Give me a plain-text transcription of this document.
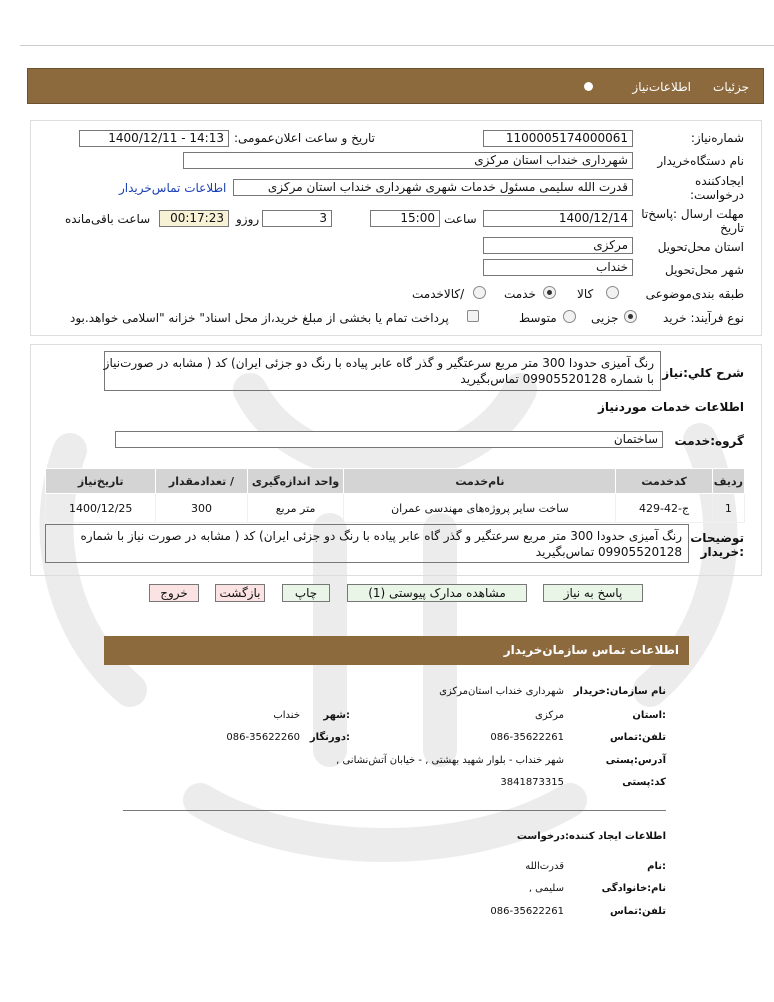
جزئیات
اطلاعات‌نیاز
شماره‌نیاز:
1100005174000061
تاریخ و ساعت اعلان‌عمومی:
1400/12/11 - 14:13
نام دستگاه‌خریدار
شهرداری خنداب استان مرکزی
ایجادکننده
درخواست:
قدرت الله سلیمی مسئول خدمات شهری شهرداری خنداب استان مرکزی
اطلاعات تماس‌خریدار
مهلت ارسال :پاسخ‌تا
تاریخ
1400/12/14
ساعت
15:00
3
روزو
00:17:23
ساعت باقی‌مانده
استان محل‌تحویل
مرکزی
شهر محل‌تحویل
خنداب
طبقه بندی‌موضوعی
کالا
خدمت
/کالاخدمت
نوع فرآیند: خرید
جزیی
متوسط
پرداخت تمام یا بخشی از مبلغ خرید،از محل اسناد" خزانه "اسلامی خواهد.بود
شرح کلي:نیاز
رنگ آمیزی حدودا 300 متر مربع سرعتگیر و گذر گاه عابر پیاده با رنگ دو جزئی ایران) کد ( مشابه در صورت‌نیاز
با شماره 09905520128 تماس‌بگیرید
اطلاعات خدمات موردنیاز
گروه:خدمت
ساختمان
ردیف	کدخدمت	نام‌خدمت	واحد اندازه‌گیری	/ تعدادمقدار	تاریخ‌نیاز
1	ج-42-429	ساخت سایر پروژه‌های مهندسی عمران	متر مربع	300	1400/12/25
توضیحات
:خریدار
رنگ آمیزی حدودا 300 متر مربع سرعتگیر و گذر گاه عابر پیاده با رنگ دو جزئی ایران) کد ( مشابه در صورت نیاز با شماره
09905520128 تماس‌بگیرید
پاسخ به نیاز
مشاهده مدارک پیوستی (1)
چاپ
بازگشت
خروج
اطلاعات تماس سازمان‌خریدار
نام سازمان:خریدار
شهرداری خنداب استان‌مرکزی
:استان
مرکزی
:شهر
خنداب
تلفن:تماس
086-35622261
:دورنگار
086-35622260
آدرس:پستی
شهر خنداب - بلوار شهید بهشتی , - خیابان آتش‌نشانی ,
کد:پستی
3841873315
اطلاعات ایجاد کننده:درخواست
:نام
قدرت‌الله
نام:خانوادگی
سلیمی ,
تلفن:تماس
086-35622261
